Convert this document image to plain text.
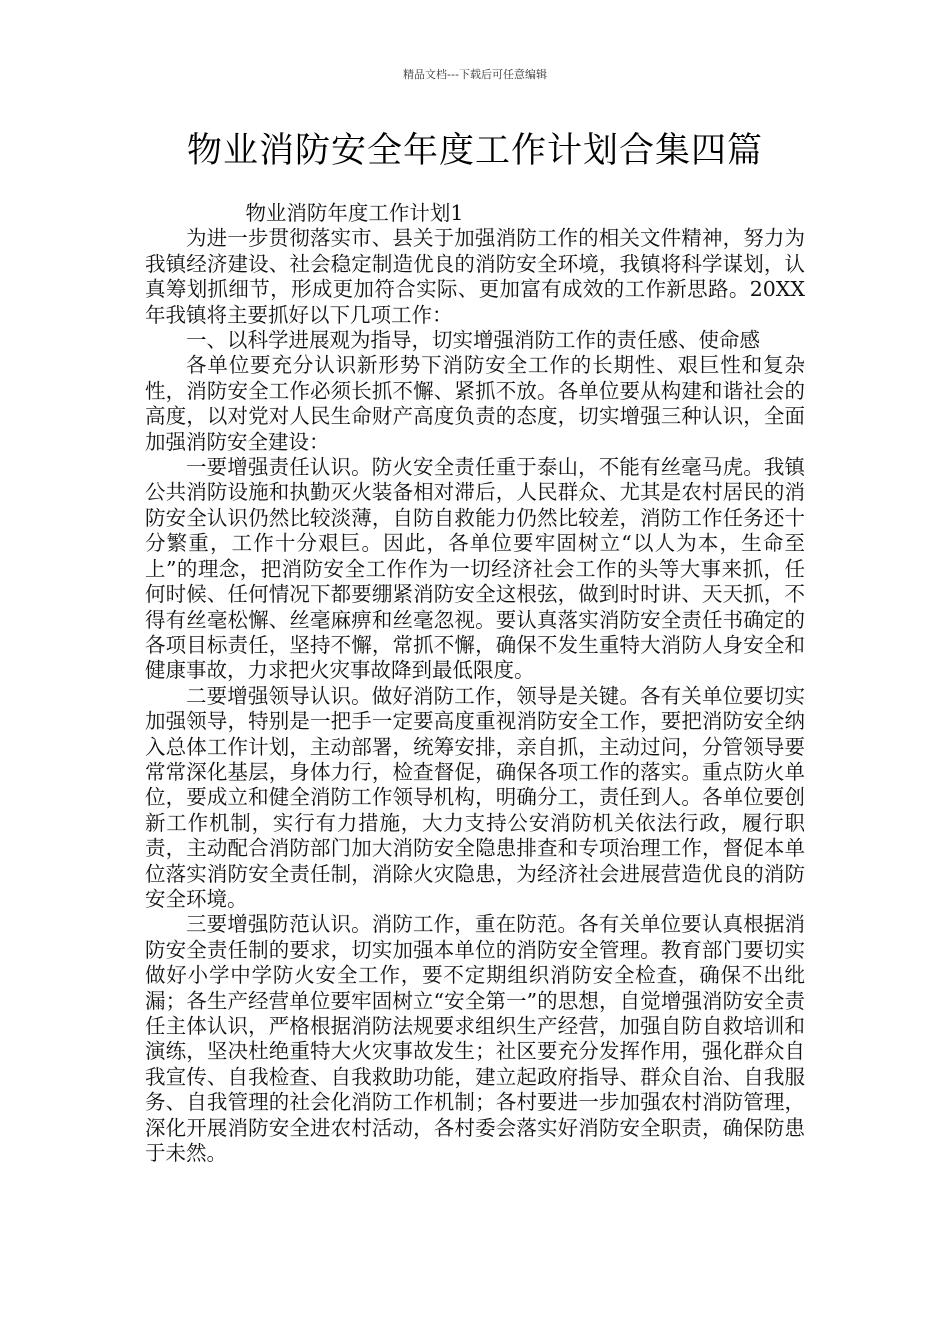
精品文档---下载后可任意编辑
物业消防安全年度工作计划合集四篇

物业消防年度工作计划1

为进一步贯彻落实市、县关于加强消防工作的相关文件精神，努力为我镇经济建设、社会稳定制造优良的消防安全环境，我镇将科学谋划，认真筹划抓细节，形成更加符合实际、更加富有成效的工作新思路。20XX年我镇将主要抓好以下几项工作：

一、以科学进展观为指导，切实增强消防工作的责任感、使命感

各单位要充分认识新形势下消防安全工作的长期性、艰巨性和复杂性，消防安全工作必须长抓不懈、紧抓不放。各单位要从构建和谐社会的高度，以对党对人民生命财产高度负责的态度，切实增强三种认识，全面加强消防安全建设：

一要增强责任认识。防火安全责任重于泰山，不能有丝毫马虎。我镇公共消防设施和执勤灭火装备相对滞后，人民群众、尤其是农村居民的消防安全认识仍然比较淡薄，自防自救能力仍然比较差，消防工作任务还十分繁重，工作十分艰巨。因此，各单位要牢固树立“以人为本，生命至上”的理念，把消防安全工作作为一切经济社会工作的头等大事来抓，任何时候、任何情况下都要绷紧消防安全这根弦，做到时时讲、天天抓，不得有丝毫松懈、丝毫麻痹和丝毫忽视。要认真落实消防安全责任书确定的各项目标责任，坚持不懈，常抓不懈，确保不发生重特大消防人身安全和健康事故，力求把火灾事故降到最低限度。

二要增强领导认识。做好消防工作，领导是关键。各有关单位要切实加强领导，特别是一把手一定要高度重视消防安全工作，要把消防安全纳入总体工作计划，主动部署，统筹安排，亲自抓，主动过问，分管领导要常常深化基层，身体力行，检查督促，确保各项工作的落实。重点防火单位，要成立和健全消防工作领导机构，明确分工，责任到人。各单位要创新工作机制，实行有力措施，大力支持公安消防机关依法行政，履行职责，主动配合消防部门加大消防安全隐患排查和专项治理工作，督促本单位落实消防安全责任制，消除火灾隐患，为经济社会进展营造优良的消防安全环境。

三要增强防范认识。消防工作，重在防范。各有关单位要认真根据消防安全责任制的要求，切实加强本单位的消防安全管理。教育部门要切实做好小学中学防火安全工作，要不定期组织消防安全检查，确保不出纰漏；各生产经营单位要牢固树立“安全第一”的思想，自觉增强消防安全责任主体认识，严格根据消防法规要求组织生产经营，加强自防自救培训和演练，坚决杜绝重特大火灾事故发生；社区要充分发挥作用，强化群众自我宣传、自我检查、自我救助功能，建立起政府指导、群众自治、自我服务、自我管理的社会化消防工作机制；各村要进一步加强农村消防管理，深化开展消防安全进农村活动，各村委会落实好消防安全职责，确保防患于未然。
